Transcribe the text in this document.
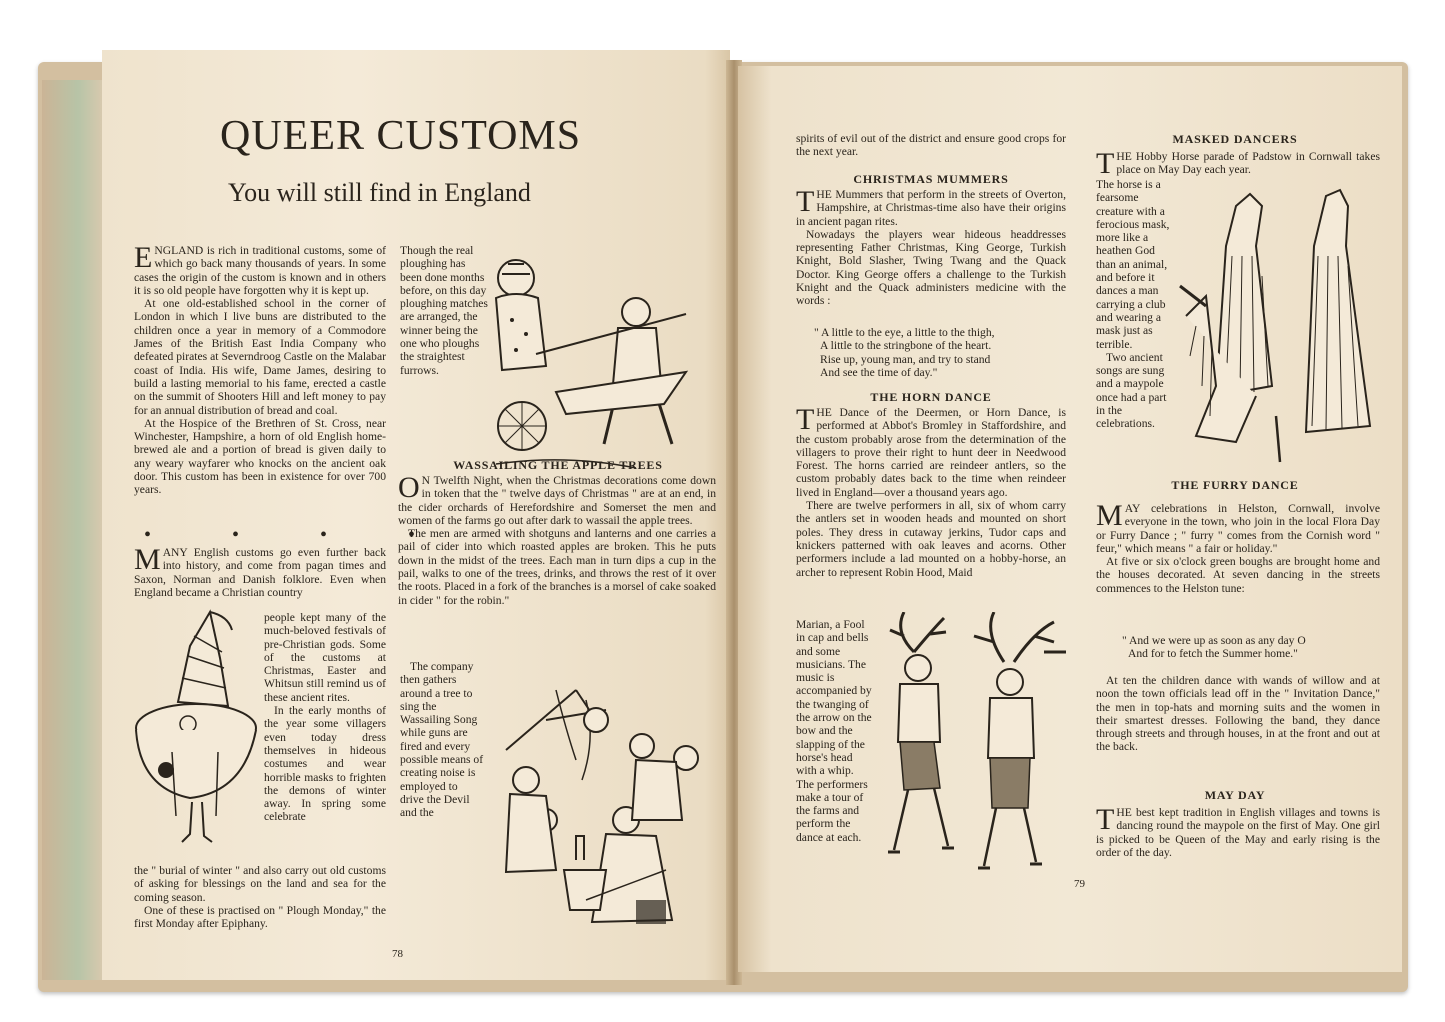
QUEER CUSTOMS
You will still find in England

ENGLAND is rich in traditional customs, some of which go back many thousands of years. In some cases the origin of the custom is known and in others it is so old people have forgotten why it is kept up.

At one old-established school in the corner of London in which I live buns are distributed to the children once a year in memory of a Commodore James of the British East India Company who defeated pirates at Severndroog Castle on the Malabar coast of India. His wife, Dame James, desiring to build a lasting memorial to his fame, erected a castle on the summit of Shooters Hill and left money to pay for an annual distribution of bread and coal.

At the Hospice of the Brethren of St. Cross, near Winchester, Hampshire, a horn of old English home-brewed ale and a portion of bread is given daily to any weary wayfarer who knocks on the ancient oak door. This custom has been in existence for over 700 years.

• • • •

MANY English customs go even further back into history, and come from pagan times and Saxon, Norman and Danish folklore. Even when England became a Christian country

people kept many of the much-beloved festivals of pre-Christian gods. Some of the customs at Christmas, Easter and Whitsun still remind us of these ancient rites.

In the early months of the year some villagers even today dress themselves in hideous costumes and wear horrible masks to frighten the demons of winter away. In spring some celebrate

the " burial of winter " and also carry out old customs of asking for blessings on the land and sea for the coming season.

One of these is practised on " Plough Monday," the first Monday after Epiphany.

Though the real ploughing has been done months before, on this day ploughing matches are arranged, the winner being the one who ploughs the straightest furrows.

WASSAILING THE APPLE TREES

O N Twelfth Night, when the Christmas decorations come down in token that the " twelve days of Christmas " are at an end, in the cider orchards of Herefordshire and Somerset the men and women of the farms go out after dark to wassail the apple trees.

The men are armed with shotguns and lanterns and one carries a pail of cider into which roasted apples are broken. This he puts down in the midst of the trees. Each man in turn dips a cup in the pail, walks to one of the trees, drinks, and throws the rest of it over the roots. Placed in a fork of the branches is a morsel of cake soaked in cider " for the robin."

The company then gathers around a tree to sing the Wassailing Song while guns are fired and every possible means of creating noise is employed to drive the Devil and the

78

spirits of evil out of the district and ensure good crops for the next year.

CHRISTMAS MUMMERS

THE Mummers that perform in the streets of Overton, Hampshire, at Christmas-time also have their origins in ancient pagan rites.

Nowadays the players wear hideous headdresses representing Father Christmas, King George, Turkish Knight, Bold Slasher, Twing Twang and the Quack Doctor. King George offers a challenge to the Turkish Knight and the Quack administers medicine with the words :

" A little to the eye, a little to the thigh,
A little to the stringbone of the heart.
Rise up, young man, and try to stand
And see the time of day."
THE HORN DANCE

THE Dance of the Deermen, or Horn Dance, is performed at Abbot's Bromley in Staffordshire, and the custom probably arose from the determination of the villagers to prove their right to hunt deer in Needwood Forest. The horns carried are reindeer antlers, so the custom probably dates back to the time when reindeer lived in England—over a thousand years ago.

There are twelve performers in all, six of whom carry the antlers set in wooden heads and mounted on short poles. They dress in cutaway jerkins, Tudor caps and knickers patterned with oak leaves and acorns. Other performers include a lad mounted on a hobby-horse, an archer to represent Robin Hood, Maid

Marian, a Fool in cap and bells and some musicians. The music is accompanied by the twanging of the arrow on the bow and the slapping of the horse's head with a whip. The performers make a tour of the farms and perform the dance at each.

MASKED DANCERS

THE Hobby Horse parade of Padstow in Cornwall takes place on May Day each year.

The horse is a fearsome creature with a ferocious mask, more like a heathen God than an animal, and before it dances a man carrying a club and wearing a mask just as terrible.

Two ancient songs are sung and a maypole once had a part in the celebrations.

THE FURRY DANCE

MAY celebrations in Helston, Cornwall, involve everyone in the town, who join in the local Flora Day or Furry Dance ; " furry " comes from the Cornish word " feur," which means " a fair or holiday."

At five or six o'clock green boughs are brought home and the houses decorated. At seven dancing in the streets commences to the Helston tune:

" And we were up as soon as any day O
And for to fetch the Summer home."

At ten the children dance with wands of willow and at noon the town officials lead off in the " Invitation Dance," the men in top-hats and morning suits and the women in their smartest dresses. Following the band, they dance through streets and through houses, in at the front and out at the back.

MAY DAY

THE best kept tradition in English villages and towns is dancing round the maypole on the first of May. One girl is picked to be Queen of the May and early rising is the order of the day.

79
